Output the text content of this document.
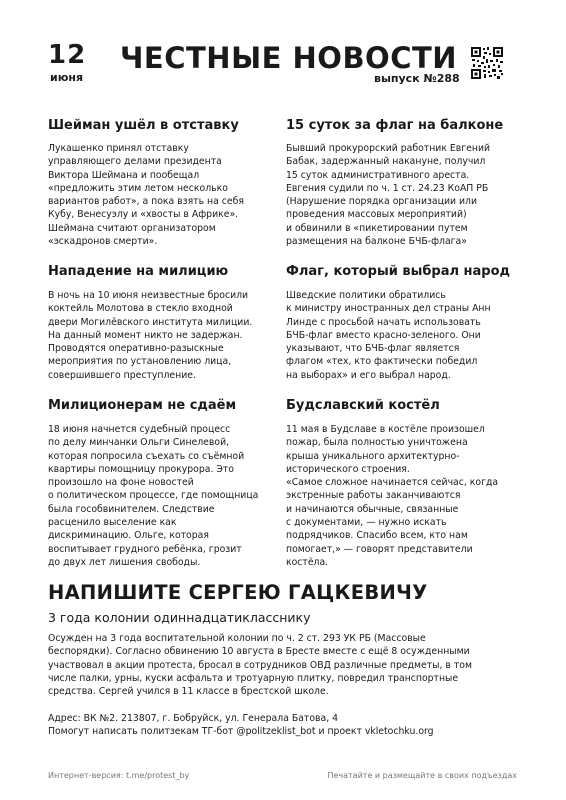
12
июня
ЧЕСТНЫЕ НОВОСТИ
выпуск №288
Шейман ушёл в отставку
Лукашенко принял отставку
управляющего делами президента
Виктора Шеймана и пообещал
«предложить этим летом несколько
вариантов работ», а пока взять на себя
Кубу, Венесуэлу и «хвосты в Африке».
Шеймана считают организатором
«эскадронов смерти».
Нападение на милицию
В ночь на 10 июня неизвестные бросили
коктейль Молотова в стекло входной
двери Могилёвского института милиции.
На данный момент никто не задержан.
Проводятся оперативно-разыскные
мероприятия по установлению лица,
совершившего преступление.
Милиционерам не сдаём
18 июня начнется судебный процесс
по делу минчанки Ольги Синелевой,
которая попросила съехать со съёмной
квартиры помощницу прокурора. Это
произошло на фоне новостей
о политическом процессе, где помощница
была гособвинителем. Следствие
расценило выселение как
дискриминацию. Ольге, которая
воспитывает грудного ребёнка, грозит
до двух лет лишения свободы.
15 суток за флаг на балконе
Бывший прокурорский работник Евгений
Бабак, задержанный накануне, получил
15 суток административного ареста.
Евгения судили по ч. 1 ст. 24.23 КоАП РБ
(Нарушение порядка организации или
проведения массовых мероприятий)
и обвинили в «пикетировании путем
размещения на балконе БЧБ-флага»
Флаг, который выбрал народ
Шведские политики обратились
к министру иностранных дел страны Анн
Линде с просьбой начать использовать
БЧБ-флаг вместо красно-зеленого. Они
указывают, что БЧБ-флаг является
флагом «тех, кто фактически победил
на выборах» и его выбрал народ.
Будславский костёл
11 мая в Будславе в костёле произошел
пожар, была полностью уничтожена
крыша уникального архитектурно-
исторического строения.
«Самое сложное начинается сейчас, когда
экстренные работы заканчиваются
и начинаются обычные, связанные
с документами, — нужно искать
подрядчиков. Спасибо всем, кто нам
помогает,» — говорят представители
костёла.
НАПИШИТЕ СЕРГЕЮ ГАЦКЕВИЧУ
3 года колонии одиннадцатикласснику
Осужден на 3 года воспитательной колонии по ч. 2 ст. 293 УК РБ (Массовые
беспорядки). Согласно обвинению 10 августа в Бресте вместе с ещё 8 осужденными
участвовал в акции протеста, бросал в сотрудников ОВД различные предметы, в том
числе палки, урны, куски асфальта и тротуарную плитку, повредил транспортные
средства. Сергей учился в 11 классе в брестской школе.
Адрес: ВК №2. 213807, г. Бобруйск, ул. Генерала Батова, 4
Помогут написать политзекам ТГ-бот @politzeklist_bot и проект vkletochku.org
Интернет-версия: t.me/protest_by	Печатайте и размещайте в своих подъездах
